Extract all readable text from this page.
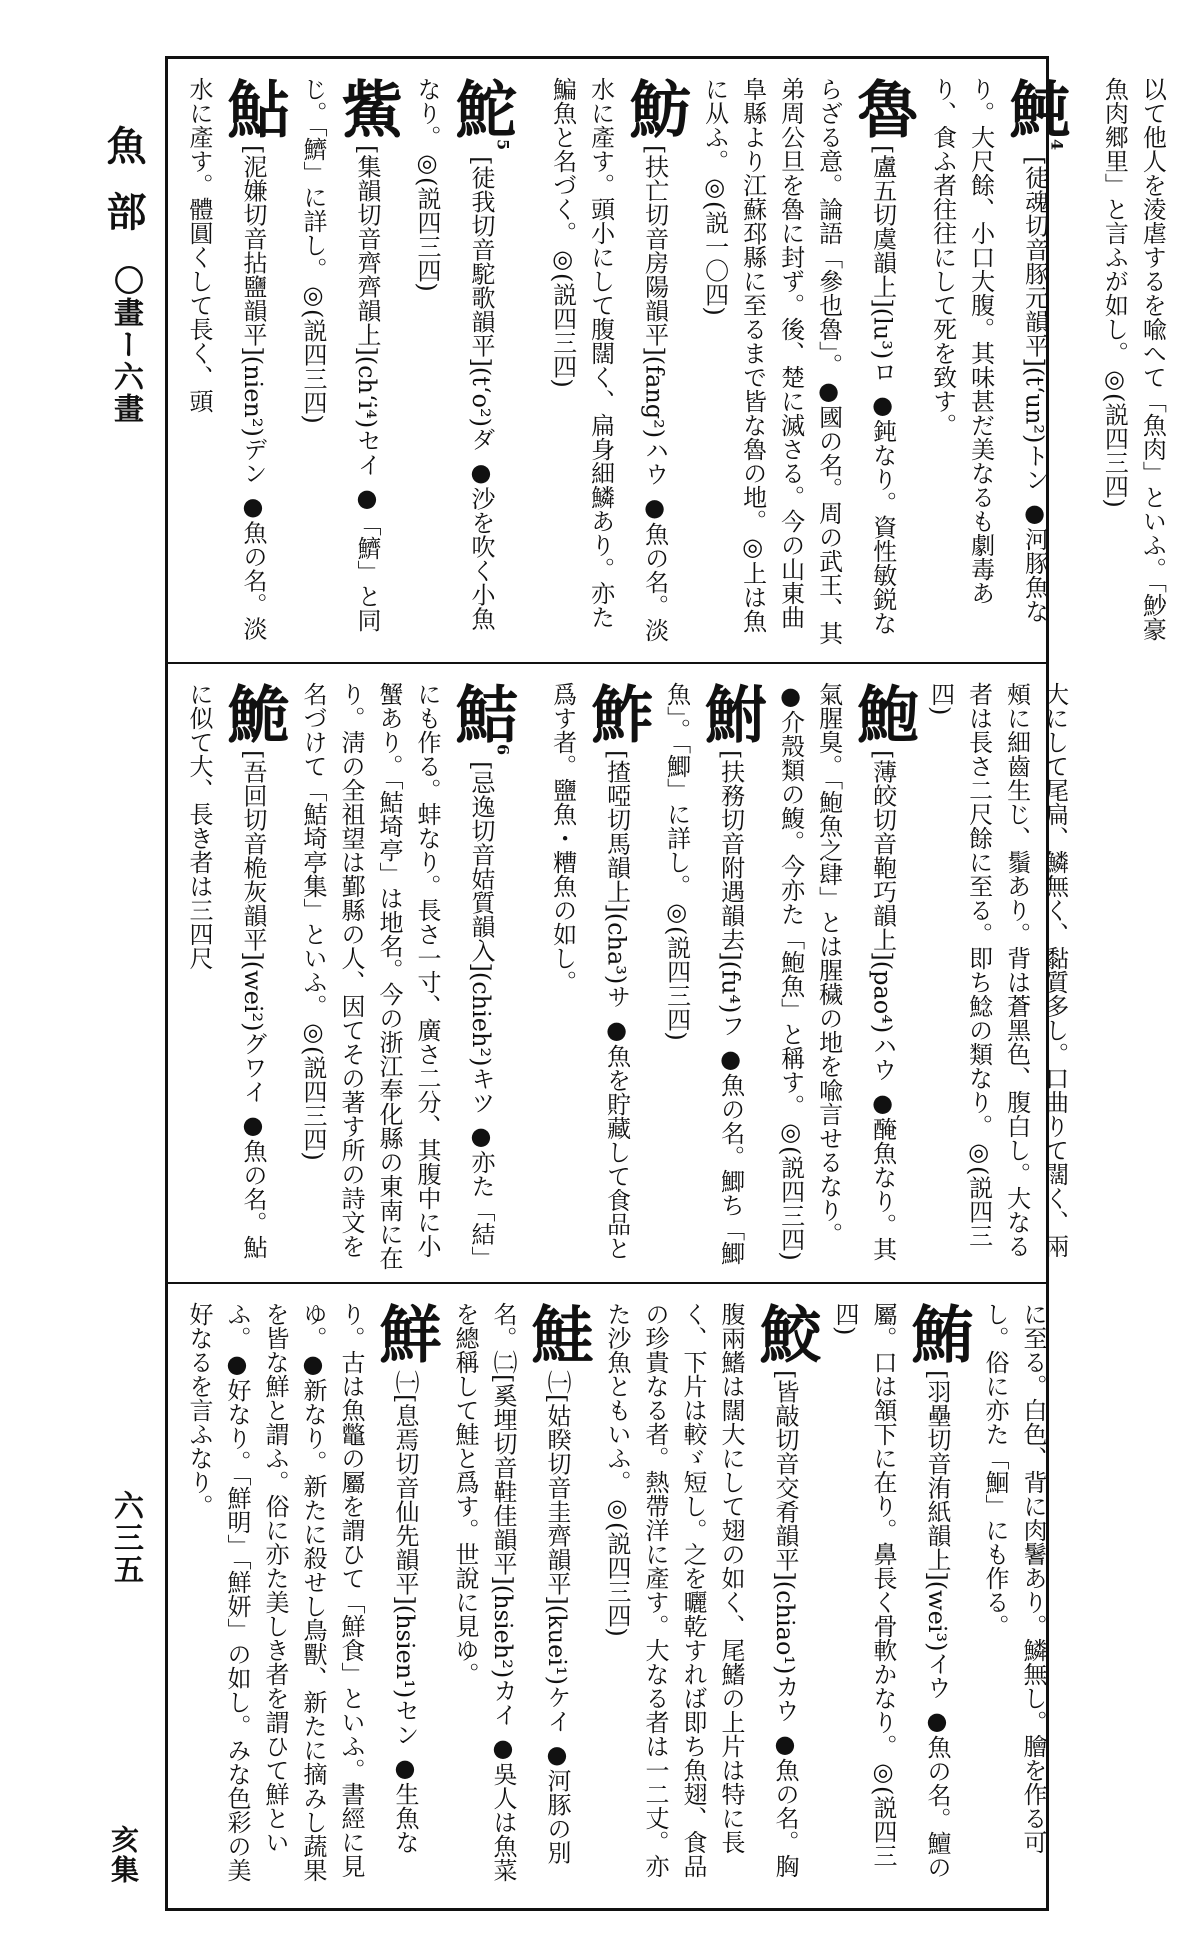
魚部
〇畫ー六畫
六三五
亥集
以て他人を淩虐するを喩へて「魚肉」といふ。「魦豪魚肉郷里」と言ふが如し。◎(説四三四)
魨$^4$[徒魂切音豚元韻平](tʻun²)トン ●河豚魚なり。大尺餘、小口大腹。其味甚だ美なるも劇毒あり、食ふ者往往にして死を致す。
魯[盧五切虞韻上](lu³)ロ ●鈍なり。資性敏鋭ならざる意。論語「參也魯」。●國の名。周の武王、其弟周公旦を魯に封ず。後、楚に滅さる。今の山東曲阜縣より江蘇邳縣に至るまで皆な魯の地。◎上は魚に从ふ。◎(説一〇四)
魴[扶亡切音房陽韻平](fang²)ハウ ●魚の名。淡水に產す。頭小にして腹闊く、扁身細鱗あり。亦た鯿魚と名づく。◎(説四三四)
鮀$^5$[徒我切音駝歌韻平](tʻo²)ダ ●沙を吹く小魚なり。◎(説四三四)
鮆[集韻切音齊齊韻上](chʻi⁴)セイ ●「鱭」と同じ。「鱭」に詳し。◎(説四三四)
鮎[泥嫌切音拈鹽韻平](nien²)デン ●魚の名。淡水に產す。體圓くして長く、頭
大にして尾扁、鱗無く、黏質多し。口曲りて闊く、兩頰に細齒生じ、鬚あり。背は蒼黑色、腹白し。大なる者は長さ二尺餘に至る。即ち鯰の類なり。◎(説四三四)
鮑[薄皎切音鞄巧韻上](pao⁴)ハウ ●醃魚なり。其氣腥臭。「鮑魚之肆」とは腥穢の地を喩言せるなり。●介殼類の鰒。今亦た「鮑魚」と稱す。◎(説四三四)
鮒[扶務切音附遇韻去](fu⁴)フ ●魚の名。鯽ち「鯽魚」。「鯽」に詳し。◎(説四三四)
鮓[揸啞切馬韻上](cha³)サ ●魚を貯藏して食品と爲す者。鹽魚・糟魚の如し。
鮚$^6$[忌逸切音姞質韻入](chieh²)キツ ●亦た「結」にも作る。蚌なり。長さ一寸、廣さ二分、其腹中に小蟹あり。「鮚埼亭」は地名。今の浙江奉化縣の東南に在り。淸の全祖望は鄞縣の人、因てその著す所の詩文を名づけて「鮚埼亭集」といふ。◎(説四三四)
鮠[吾回切音桅灰韻平](wei²)グワイ ●魚の名。鮎に似て大、長き者は三四尺
に至る。白色、背に肉鬐あり。鱗無し。膾を作る可し。俗に亦た「鮰」にも作る。
鮪[羽壘切音洧紙韻上](wei³)イウ ●魚の名。鱣の屬。口は頷下に在り。鼻長く骨軟かなり。◎(説四三四)
鮫[皆敲切音交肴韻平](chiao¹)カウ ●魚の名。胸腹兩鰭は闊大にして翅の如く、尾鰭の上片は特に長く、下片は較ゞ短し。之を曬乾すれば即ち魚翅、食品の珍貴なる者。熱帶洋に產す。大なる者は一二丈。亦た沙魚ともいふ。◎(説四三四)
鮭㈠[姑睽切音圭齊韻平](kuei¹)ケイ ●河豚の別名。㈡[奚埋切音鞋佳韻平](hsieh²)カイ ●吳人は魚菜を總稱して鮭と爲す。世說に見ゆ。
鮮㈠[息焉切音仙先韻平](hsien¹)セン ●生魚なり。古は魚鼈の屬を謂ひて「鮮食」といふ。書經に見ゆ。●新なり。新たに殺せし鳥獸、新たに摘みし蔬果を皆な鮮と謂ふ。俗に亦た美しき者を謂ひて鮮といふ。●好なり。「鮮明」「鮮妍」の如し。みな色彩の美好なるを言ふなり。
